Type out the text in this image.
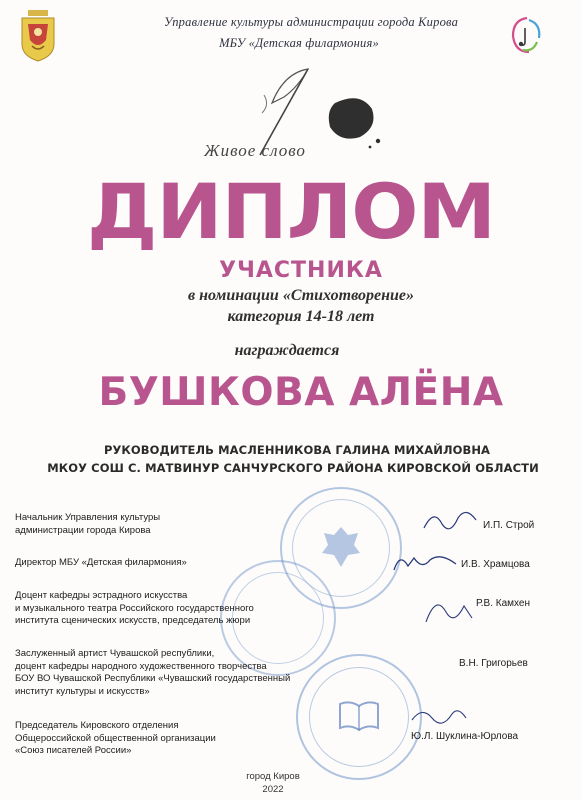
Управление культуры администрации города Кирова
МБУ «Детская филармония»
Живое слово
ДИПЛОМ
УЧАСТНИКА
в номинации «Стихотворение»
категория 14-18 лет
награждается
БУШКОВА АЛЁНА
РУКОВОДИТЕЛЬ МАСЛЕННИКОВА ГАЛИНА МИХАЙЛОВНА
МКОУ СОШ С. МАТВИНУР САНЧУРСКОГО РАЙОНА КИРОВСКОЙ ОБЛАСТИ
Начальник Управления культуры
администрации города Кирова	И.П. Строй
Директор МБУ «Детская филармония»	И.В. Храмцова
Доцент кафедры эстрадного искусства
и музыкального театра Российского государственного
института сценических искусств, председатель жюри
Р.В. Камхен
Заслуженный артист Чувашской республики,
доцент кафедры народного художественного творчества
БОУ ВО Чувашской Республики «Чувашский государственный
институт культуры и искусств»
В.Н. Григорьев
Председатель Кировского отделения
Общероссийской общественной организации
«Союз писателей России»
Ю.Л. Шуклина-Юрлова
город Киров
2022
